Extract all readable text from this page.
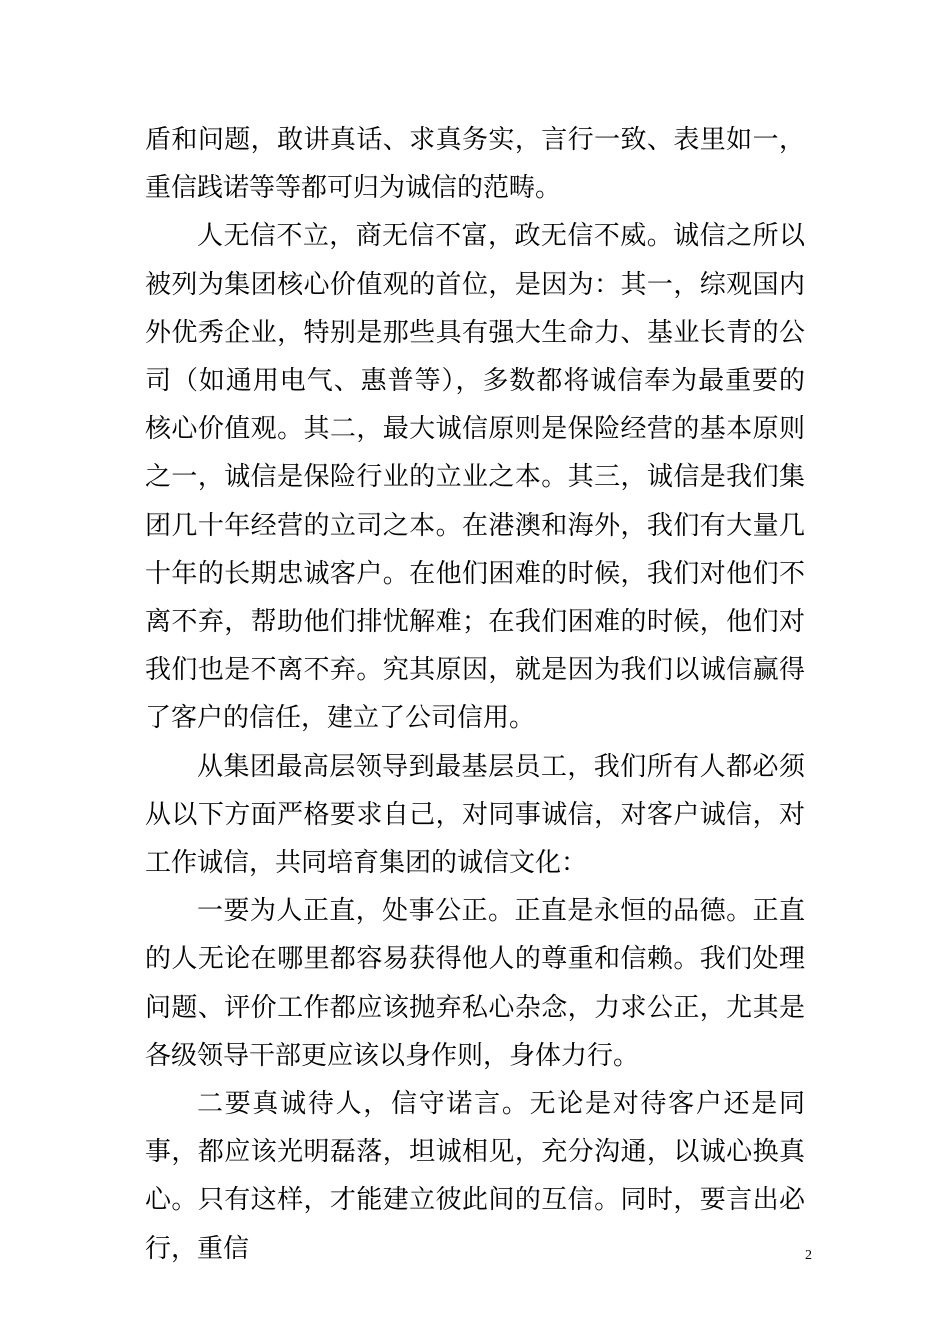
盾和问题，敢讲真话、求真务实，言行一致、表里如一，重信践诺等等都可归为诚信的范畴。

人无信不立，商无信不富，政无信不威。诚信之所以被列为集团核心价值观的首位，是因为：其一，综观国内外优秀企业，特别是那些具有强大生命力、基业长青的公司（如通用电气、惠普等），多数都将诚信奉为最重要的核心价值观。其二，最大诚信原则是保险经营的基本原则之一，诚信是保险行业的立业之本。其三，诚信是我们集团几十年经营的立司之本。在港澳和海外，我们有大量几十年的长期忠诚客户。在他们困难的时候，我们对他们不离不弃，帮助他们排忧解难；在我们困难的时候，他们对我们也是不离不弃。究其原因，就是因为我们以诚信赢得了客户的信任，建立了公司信用。

从集团最高层领导到最基层员工，我们所有人都必须从以下方面严格要求自己，对同事诚信，对客户诚信，对工作诚信，共同培育集团的诚信文化：

一要为人正直，处事公正。正直是永恒的品德。正直的人无论在哪里都容易获得他人的尊重和信赖。我们处理问题、评价工作都应该抛弃私心杂念，力求公正，尤其是各级领导干部更应该以身作则，身体力行。

二要真诚待人，信守诺言。无论是对待客户还是同事，都应该光明磊落，坦诚相见，充分沟通，以诚心换真心。只有这样，才能建立彼此间的互信。同时，要言出必行，重信	2
